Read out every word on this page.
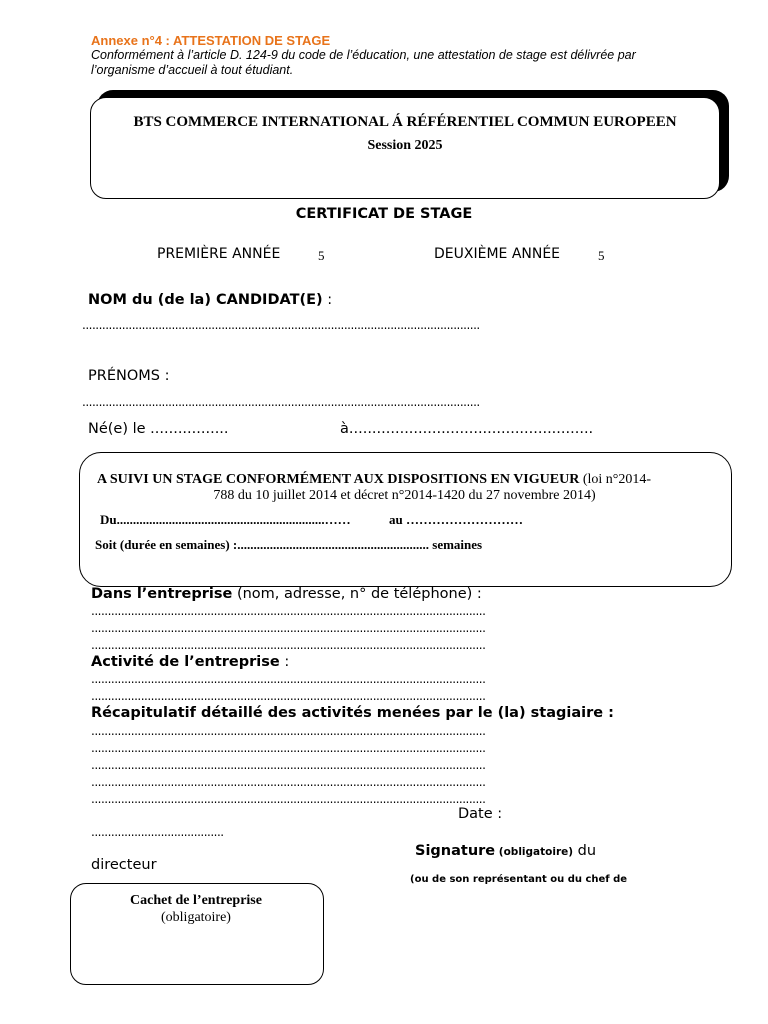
Annexe n°4 : ATTESTATION DE STAGE
Conformément à l’article D. 124-9 du code de l’éducation, une attestation de stage est délivrée par l’organisme d’accueil à tout étudiant.
BTS COMMERCE INTERNATIONAL Á RÉFÉRENTIEL COMMUN EUROPEEN
Session 2025
CERTIFICAT DE STAGE
PREMIÈRE ANNÉE	5	DEUXIÈME ANNÉE	5
NOM du (de la) CANDIDAT(E) :
........................................................................................................................
PRÉNOMS :
........................................................................................................................
Né(e) le .................	à.....................................................
A SUIVI UN STAGE CONFORMÉMENT AUX DISPOSITIONS EN VIGUEUR (loi n°2014-
788 du 10 juillet 2014 et décret n°2014-1420 du 27 novembre 2014)
Du................................................................……	au ………………………
Soit (durée en semaines) :........................................................... semaines
Dans l’entreprise (nom, adresse, n° de téléphone) :
.......................................................................................................................
.......................................................................................................................
.......................................................................................................................
Activité de l’entreprise :
.......................................................................................................................
.......................................................................................................................
Récapitulatif détaillé des activités menées par le (la) stagiaire :
.......................................................................................................................
.......................................................................................................................
.......................................................................................................................
.......................................................................................................................
.......................................................................................................................
Date :
........................................
Signature (obligatoire) du
directeur
(ou de son représentant ou du chef de
Cachet de l’entreprise
(obligatoire)
